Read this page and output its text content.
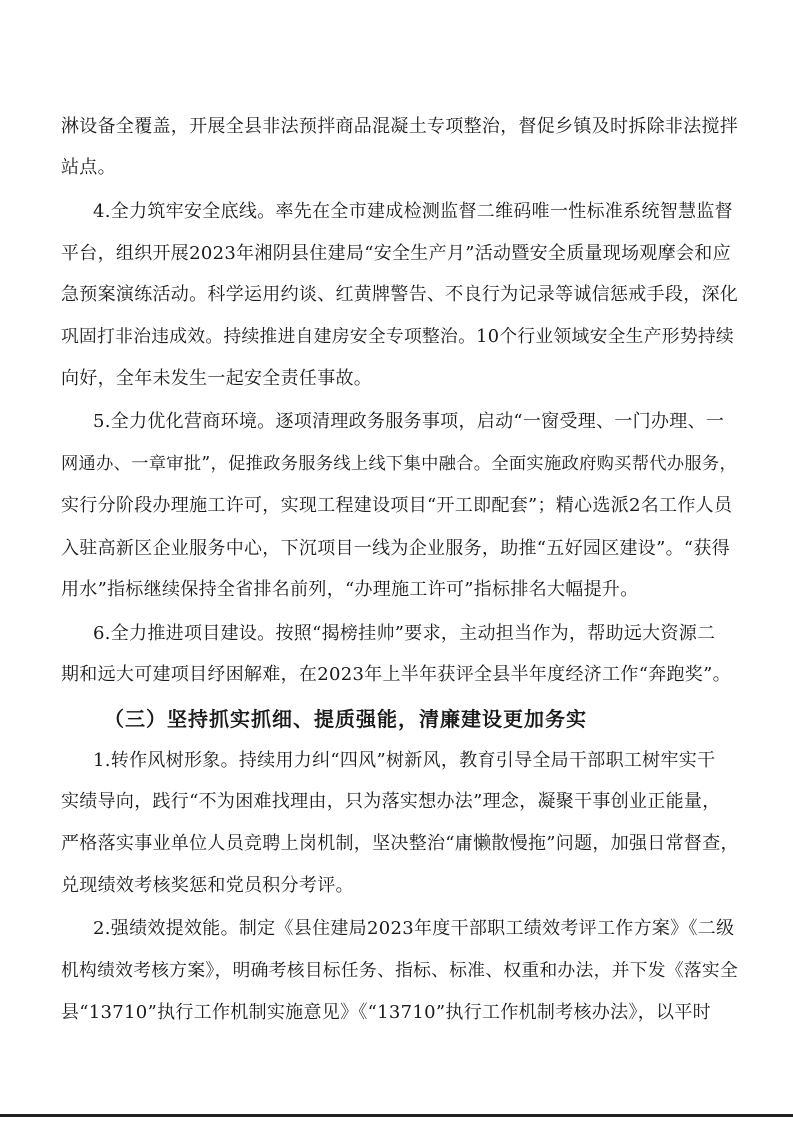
淋设备全覆盖，开展全县非法预拌商品混凝土专项整治，督促乡镇及时拆除非法搅拌
站点。
4.全力筑牢安全底线。率先在全市建成检测监督二维码唯一性标准系统智慧监督
平台，组织开展2023年湘阴县住建局“安全生产月”活动暨安全质量现场观摩会和应
急预案演练活动。科学运用约谈、红黄牌警告、不良行为记录等诚信惩戒手段，深化
巩固打非治违成效。持续推进自建房安全专项整治。10个行业领域安全生产形势持续
向好，全年未发生一起安全责任事故。
5.全力优化营商环境。逐项清理政务服务事项，启动“一窗受理、一门办理、一
网通办、一章审批”，促推政务服务线上线下集中融合。全面实施政府购买帮代办服务，
实行分阶段办理施工许可，实现工程建设项目“开工即配套”；精心选派2名工作人员
入驻高新区企业服务中心，下沉项目一线为企业服务，助推“五好园区建设”。“获得
用水”指标继续保持全省排名前列，“办理施工许可”指标排名大幅提升。
6.全力推进项目建设。按照“揭榜挂帅”要求，主动担当作为，帮助远大资源二
期和远大可建项目纾困解难，在2023年上半年获评全县半年度经济工作“奔跑奖”。
（三）坚持抓实抓细、提质强能，清廉建设更加务实
1.转作风树形象。持续用力纠“四风”树新风，教育引导全局干部职工树牢实干
实绩导向，践行“不为困难找理由，只为落实想办法”理念，凝聚干事创业正能量，
严格落实事业单位人员竞聘上岗机制，坚决整治“庸懒散慢拖”问题，加强日常督查，
兑现绩效考核奖惩和党员积分考评。
2.强绩效提效能。制定《县住建局2023年度干部职工绩效考评工作方案》《二级
机构绩效考核方案》，明确考核目标任务、指标、标准、权重和办法，并下发《落实全
县“13710”执行工作机制实施意见》《“13710”执行工作机制考核办法》，以平时
